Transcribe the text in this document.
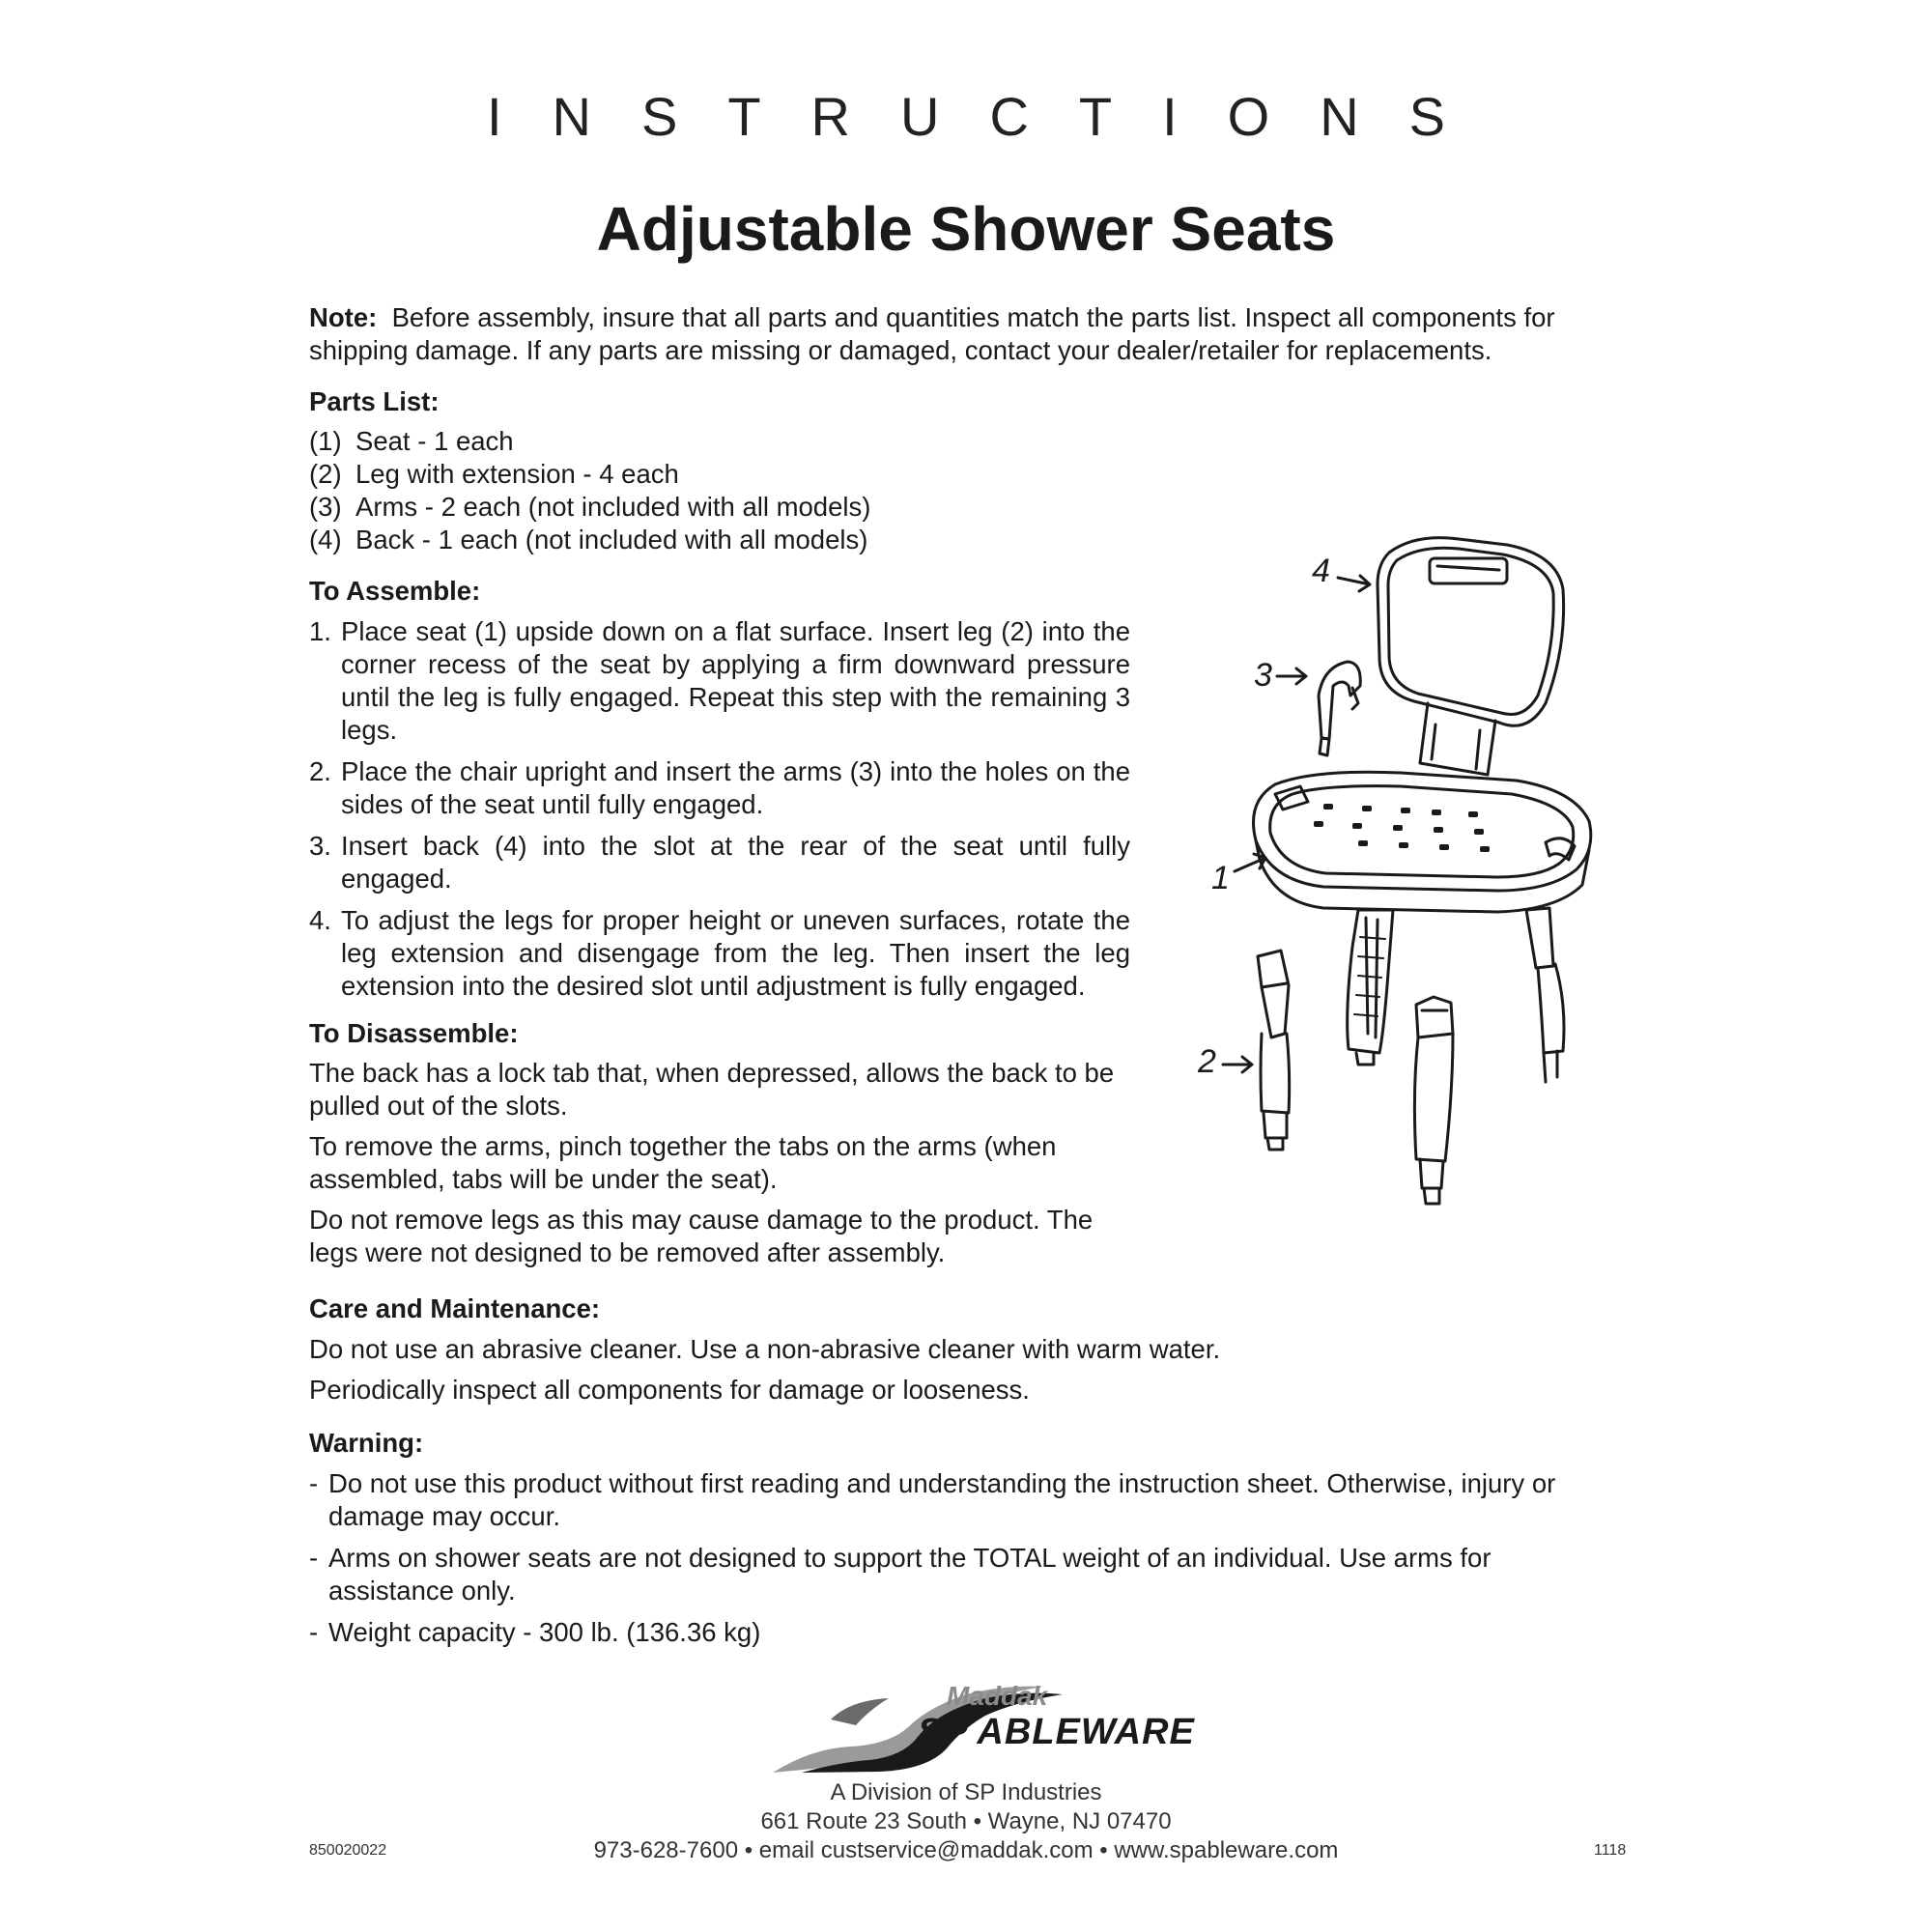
INSTRUCTIONS
Adjustable Shower Seats
Note: Before assembly, insure that all parts and quantities match the parts list. Inspect all components for shipping damage. If any parts are missing or damaged, contact your dealer/retailer for replacements.
Parts List:
(1) Seat - 1 each
(2) Leg with extension - 4 each
(3) Arms - 2 each (not included with all models)
(4) Back - 1 each (not included with all models)
To Assemble:
1. Place seat (1) upside down on a flat surface. Insert leg (2) into the corner recess of the seat by applying a firm downward pressure until the leg is fully engaged. Repeat this step with the remaining 3 legs.
2. Place the chair upright and insert the arms (3) into the holes on the sides of the seat until fully engaged.
3. Insert back (4) into the slot at the rear of the seat until fully engaged.
4. To adjust the legs for proper height or uneven surfaces, rotate the leg extension and disengage from the leg. Then insert the leg extension into the desired slot until adjustment is fully engaged.
To Disassemble:
The back has a lock tab that, when depressed, allows the back to be pulled out of the slots.
To remove the arms, pinch together the tabs on the arms (when assembled, tabs will be under the seat).
Do not remove legs as this may cause damage to the product. The legs were not designed to be removed after assembly.
Care and Maintenance:
Do not use an abrasive cleaner. Use a non-abrasive cleaner with warm water.
Periodically inspect all components for damage or looseness.
Warning:
- Do not use this product without first reading and understanding the instruction sheet. Otherwise, injury or damage may occur.
- Arms on shower seats are not designed to support the TOTAL weight of an individual. Use arms for assistance only.
- Weight capacity - 300 lb. (136.36 kg)
4
3
1
2
Maddak
SP ABLEWARE
A Division of SP Industries
661 Route 23 South • Wayne, NJ 07470
973-628-7600 • email custservice@maddak.com • www.spableware.com
850020022	1118
